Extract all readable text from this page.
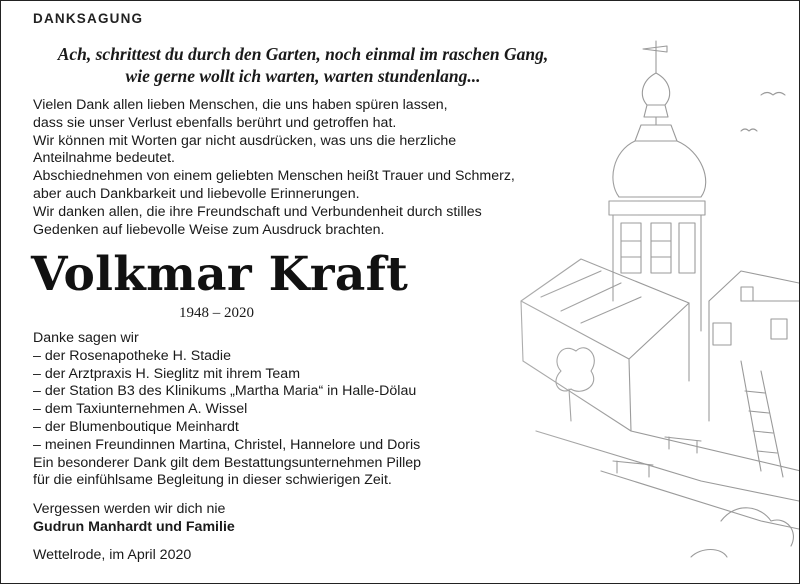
DANKSAGUNG
Ach, schrittest du durch den Garten, noch einmal im raschen Gang,
wie gerne wollt ich warten, warten stundenlang...
Vielen Dank allen lieben Menschen, die uns haben spüren lassen,
dass sie unser Verlust ebenfalls berührt und getroffen hat.
Wir können mit Worten gar nicht ausdrücken, was uns die herzliche
Anteilnahme bedeutet.
Abschiednehmen von einem geliebten Menschen heißt Trauer und Schmerz,
aber auch Dankbarkeit und liebevolle Erinnerungen.
Wir danken allen, die ihre Freundschaft und Verbundenheit durch stilles
Gedenken auf liebevolle Weise zum Ausdruck brachten.
Volkmar Kraft
1948 – 2020
Danke sagen wir
– der Rosenapotheke H. Stadie
– der Arztpraxis H. Sieglitz mit ihrem Team
– der Station B3 des Klinikums „Martha Maria“ in Halle-Dölau
– dem Taxiunternehmen A. Wissel
– der Blumenboutique Meinhardt
– meinen Freundinnen Martina, Christel, Hannelore und Doris
Ein besonderer Dank gilt dem Bestattungsunternehmen Pillep
für die einfühlsame Begleitung in dieser schwierigen Zeit.
Vergessen werden wir dich nie
Gudrun Manhardt und Familie
Wettelrode, im April 2020
